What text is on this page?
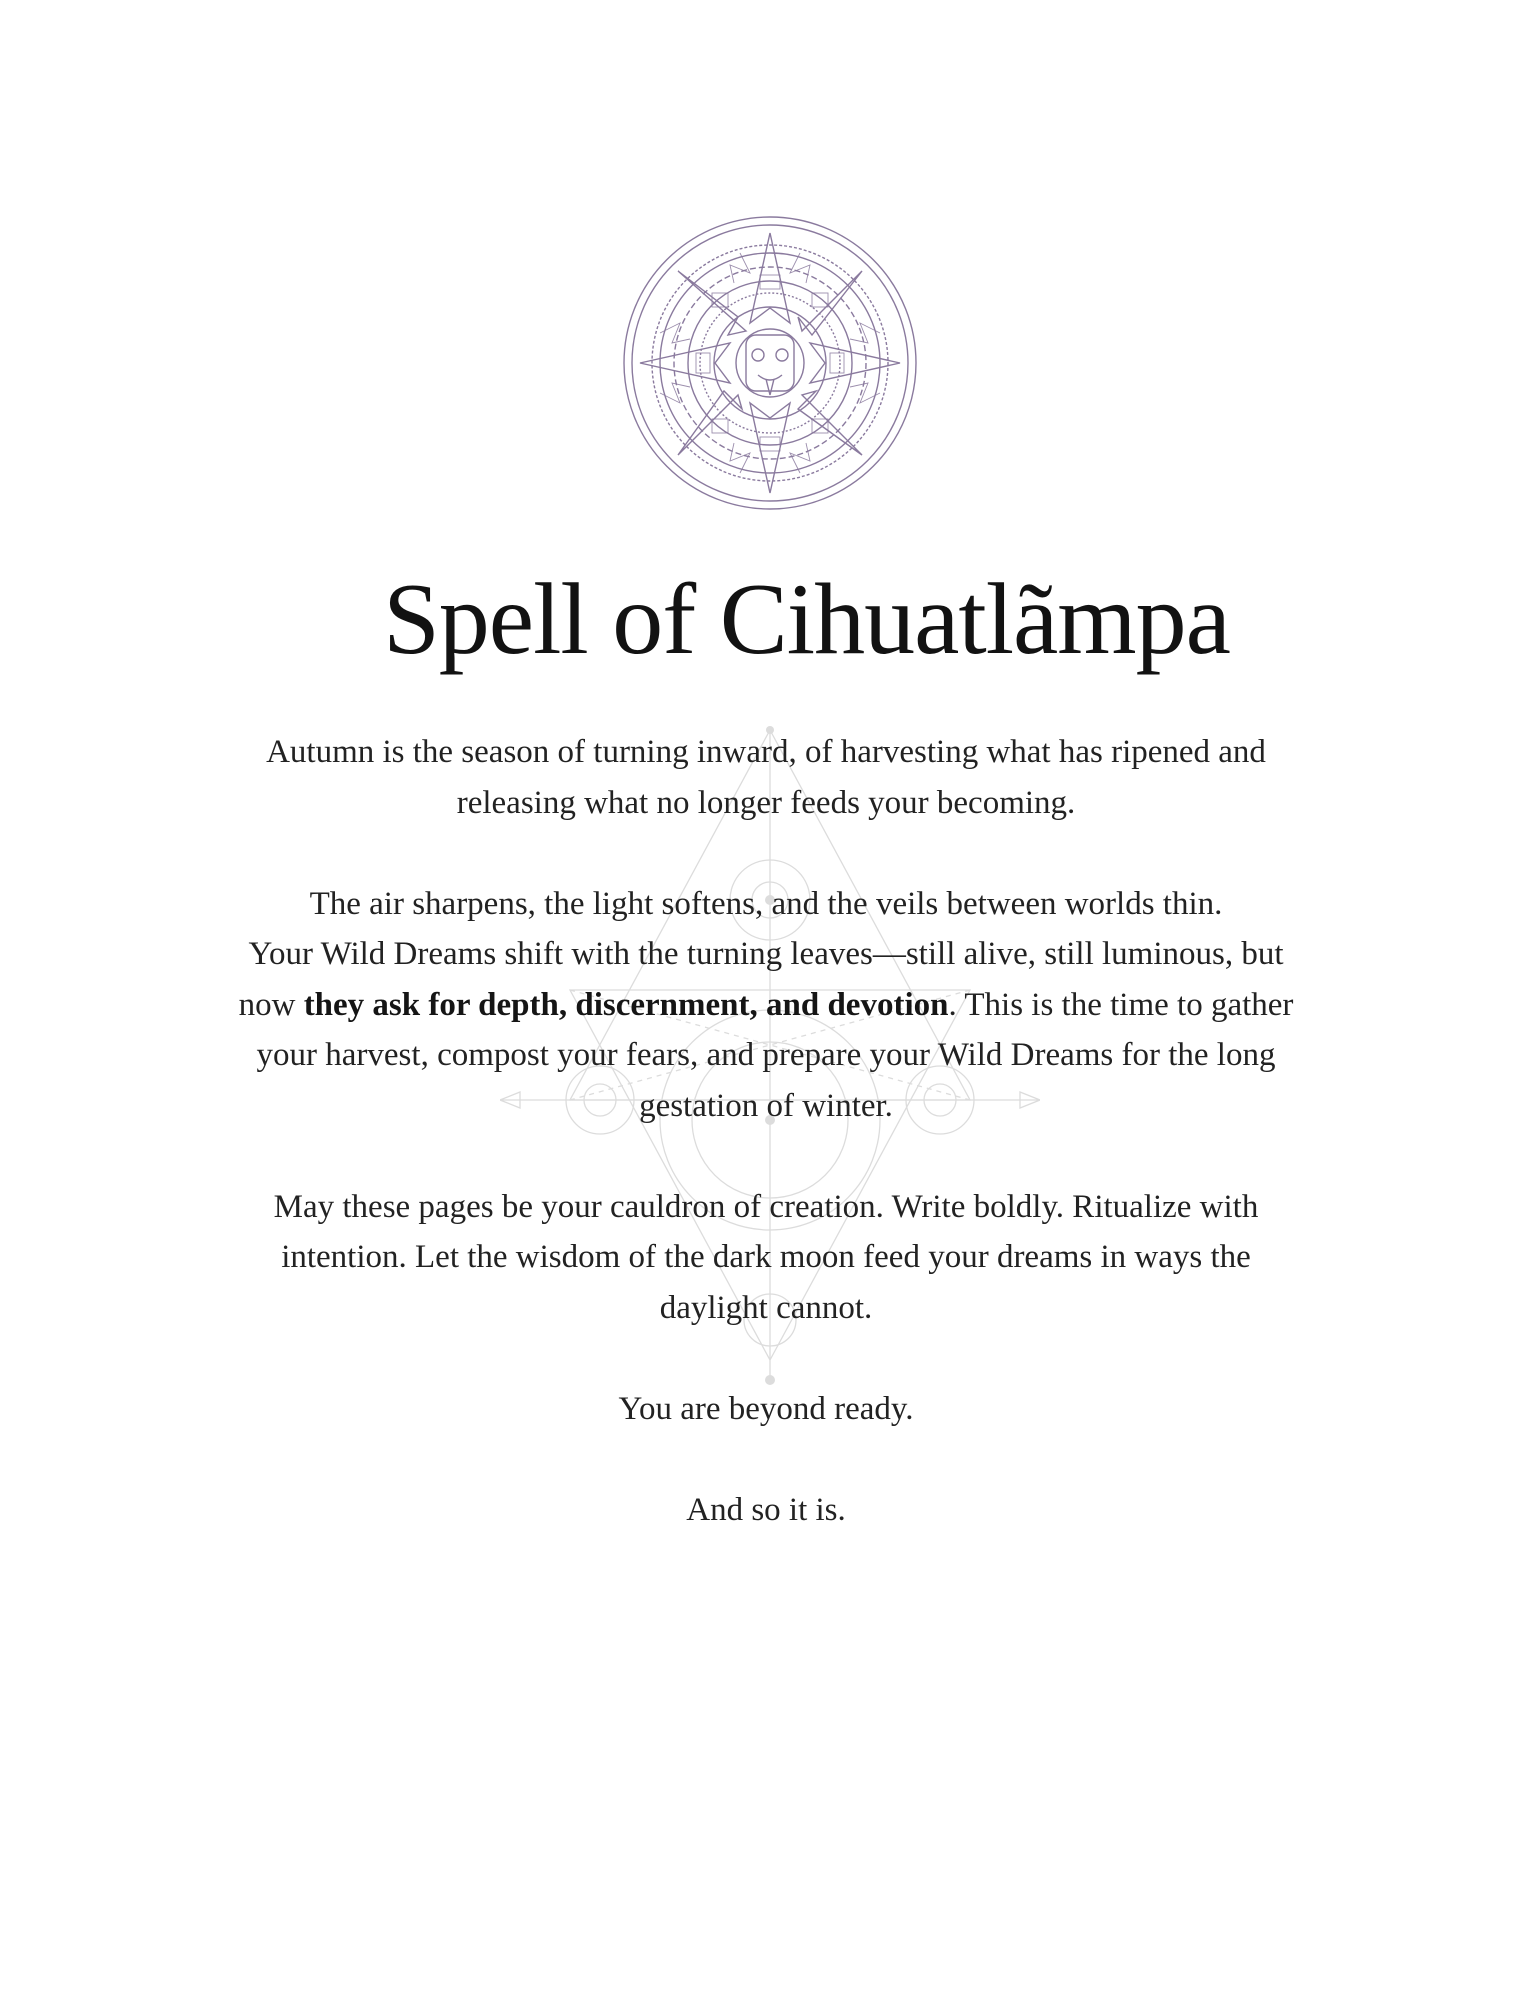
Spell of Cihuatlãmpa

Autumn is the season of turning inward, of harvesting what has ripened and
releasing what no longer feeds your becoming.

The air sharpens, the light softens, and the veils between worlds thin.
Your Wild Dreams shift with the turning leaves—still alive, still luminous, but
now they ask for depth, discernment, and devotion. This is the time to gather
your harvest, compost your fears, and prepare your Wild Dreams for the long
gestation of winter.

May these pages be your cauldron of creation. Write boldly. Ritualize with
intention. Let the wisdom of the dark moon feed your dreams in ways the
daylight cannot.

You are beyond ready.

And so it is.
